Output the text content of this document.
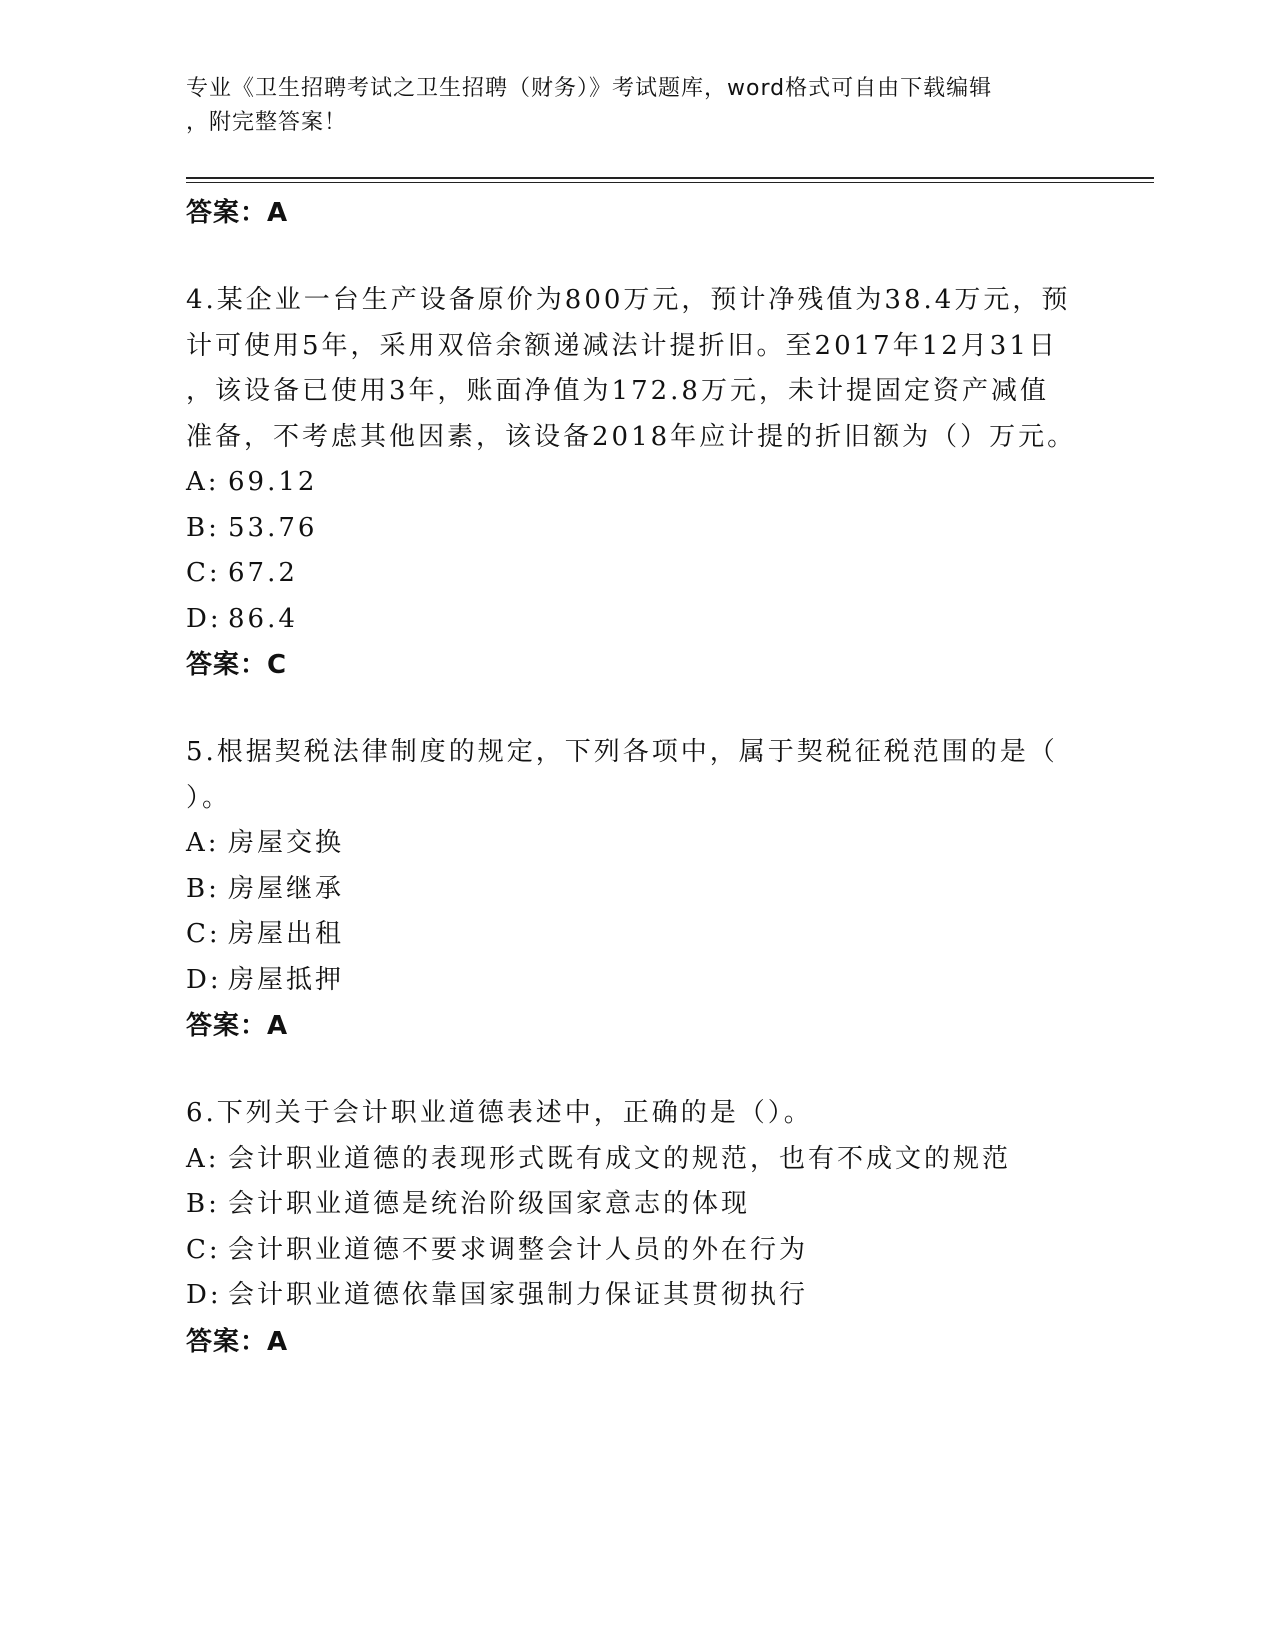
专业《卫生招聘考试之卫生招聘（财务）》考试题库，word格式可自由下载编辑
，附完整答案！
答案：A
4.某企业一台生产设备原价为800万元，预计净残值为38.4万元，预
计可使用5年，采用双倍余额递减法计提折旧。至2017年12月31日
，该设备已使用3年，账面净值为172.8万元，未计提固定资产减值
准备，不考虑其他因素，该设备2018年应计提的折旧额为（）万元。
A: 69.12
B: 53.76
C: 67.2
D: 86.4
答案：C
5.根据契税法律制度的规定，下列各项中，属于契税征税范围的是（
）。
A: 房屋交换
B: 房屋继承
C: 房屋出租
D: 房屋抵押
答案：A
6.下列关于会计职业道德表述中，正确的是（）。
A: 会计职业道德的表现形式既有成文的规范，也有不成文的规范
B: 会计职业道德是统治阶级国家意志的体现
C: 会计职业道德不要求调整会计人员的外在行为
D: 会计职业道德依靠国家强制力保证其贯彻执行
答案：A
